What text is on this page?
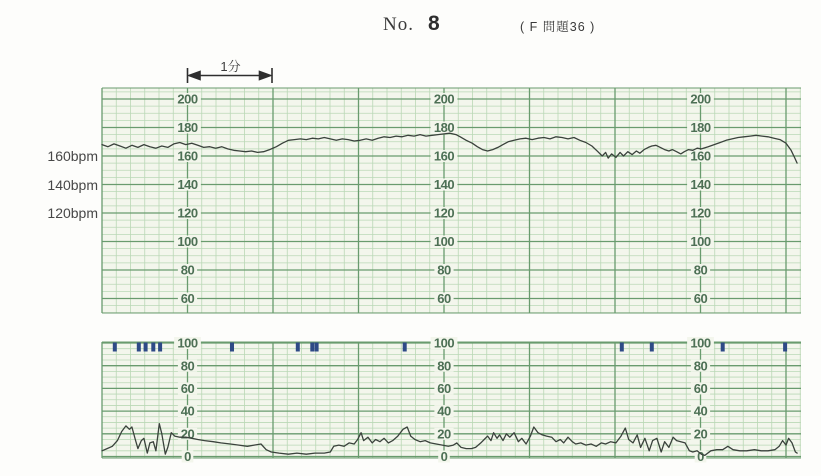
No. 8	( F 問題36 )
1分
160bpm
140bpm
120bpm
200
180
160
140
120
100
80
60
200
180
160
140
120
100
80
60
200
180
160
140
120
100
80
60
100
80
60
40
20
0
100
80
60
40
20
0
100
80
60
40
20
0
